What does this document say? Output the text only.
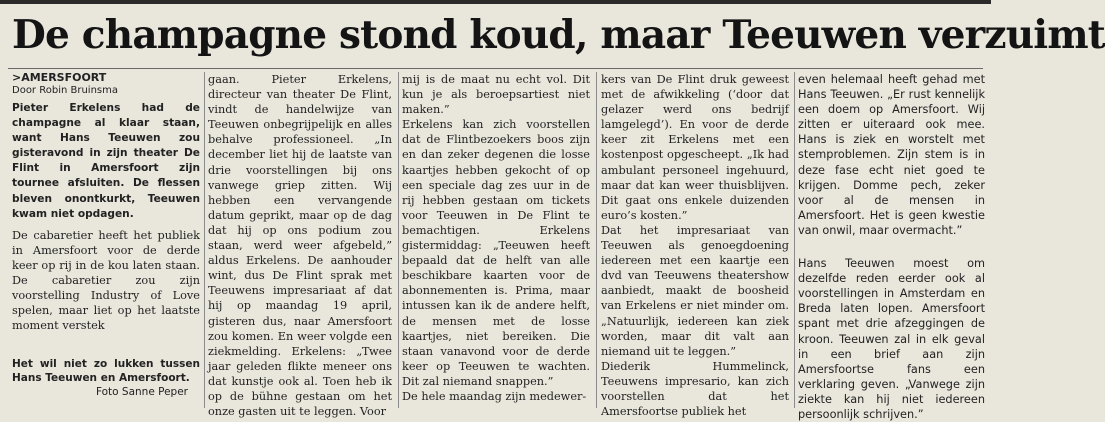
De champagne stond koud, maar Teeuwen verzuimt

>AMERSFOORT

Door Robin Bruinsma

Pieter Erkelens had de champagne al klaar staan, want Hans Teeuwen zou gisteravond in zijn theater De Flint in Amersfoort zijn tournee afsluiten. De flessen bleven onontkurkt, Teeuwen kwam niet opdagen.

De cabaretier heeft het publiek in Amersfoort voor de derde keer op rij in de kou laten staan. De cabaretier zou zijn voorstelling Industry of Love spelen, maar liet op het laatste moment verstek

Het wil niet zo lukken tussen Hans Teeuwen en Amersfoort.

Foto Sanne Peper

gaan. Pieter Erkelens, directeur van theater De Flint, vindt de handelwijze van Teeuwen onbegrijpelijk en alles behalve professioneel. „In december liet hij de laatste van drie voorstellingen bij ons vanwege griep zitten. Wij hebben een vervangende datum geprikt, maar op de dag dat hij op ons podium zou staan, werd weer afgebeld,” aldus Erkelens. De aanhouder wint, dus De Flint sprak met Teeuwens impresariaat af dat hij op maandag 19 april, gisteren dus, naar Amersfoort zou komen. En weer volgde een ziekmelding. Erkelens: „Twee jaar geleden flikte meneer ons dat kunstje ook al. Toen heb ik op de bühne gestaan om het onze gasten uit te leggen. Voor

mij is de maat nu echt vol. Dit kun je als beroepsartiest niet maken.”

Erkelens kan zich voorstellen dat de Flintbezoekers boos zijn en dan zeker degenen die losse kaartjes hebben gekocht of op een speciale dag zes uur in de rij hebben gestaan om tickets voor Teeuwen in De Flint te bemachtigen. Erkelens gistermiddag: „Teeuwen heeft bepaald dat de helft van alle beschikbare kaarten voor de abonnementen is. Prima, maar intussen kan ik de andere helft, de mensen met de losse kaartjes, niet bereiken. Die staan vanavond voor de derde keer op Teeuwen te wachten. Dit zal niemand snappen.”

De hele maandag zijn medewer-

kers van De Flint druk geweest met de afwikkeling (‘door dat gelazer werd ons bedrijf lamgelegd’). En voor de derde keer zit Erkelens met een kostenpost opgescheept. „Ik had ambulant personeel ingehuurd, maar dat kan weer thuisblijven. Dit gaat ons enkele duizenden euro’s kosten.”

Dat het impresariaat van Teeuwen als genoegdoening iedereen met een kaartje een dvd van Teeuwens theatershow aanbiedt, maakt de boosheid van Erkelens er niet minder om. „Natuurlijk, iedereen kan ziek worden, maar dit valt aan niemand uit te leggen.”

Diederik Hummelinck, Teeuwens impresario, kan zich voorstellen dat het Amersfoortse publiek het

even helemaal heeft gehad met Hans Teeuwen. „Er rust kennelijk een doem op Amersfoort. Wij zitten er uiteraard ook mee. Hans is ziek en worstelt met stemproblemen. Zijn stem is in deze fase echt niet goed te krijgen. Domme pech, zeker voor al de mensen in Amersfoort. Het is geen kwestie van onwil, maar overmacht.”

Hans Teeuwen moest om dezelfde reden eerder ook al voorstellingen in Amsterdam en Breda laten lopen. Amersfoort spant met drie afzeggingen de kroon. Teeuwen zal in elk geval in een brief aan zijn Amersfoortse fans een verklaring geven. „Vanwege zijn ziekte kan hij niet iedereen persoonlijk schrijven.”
